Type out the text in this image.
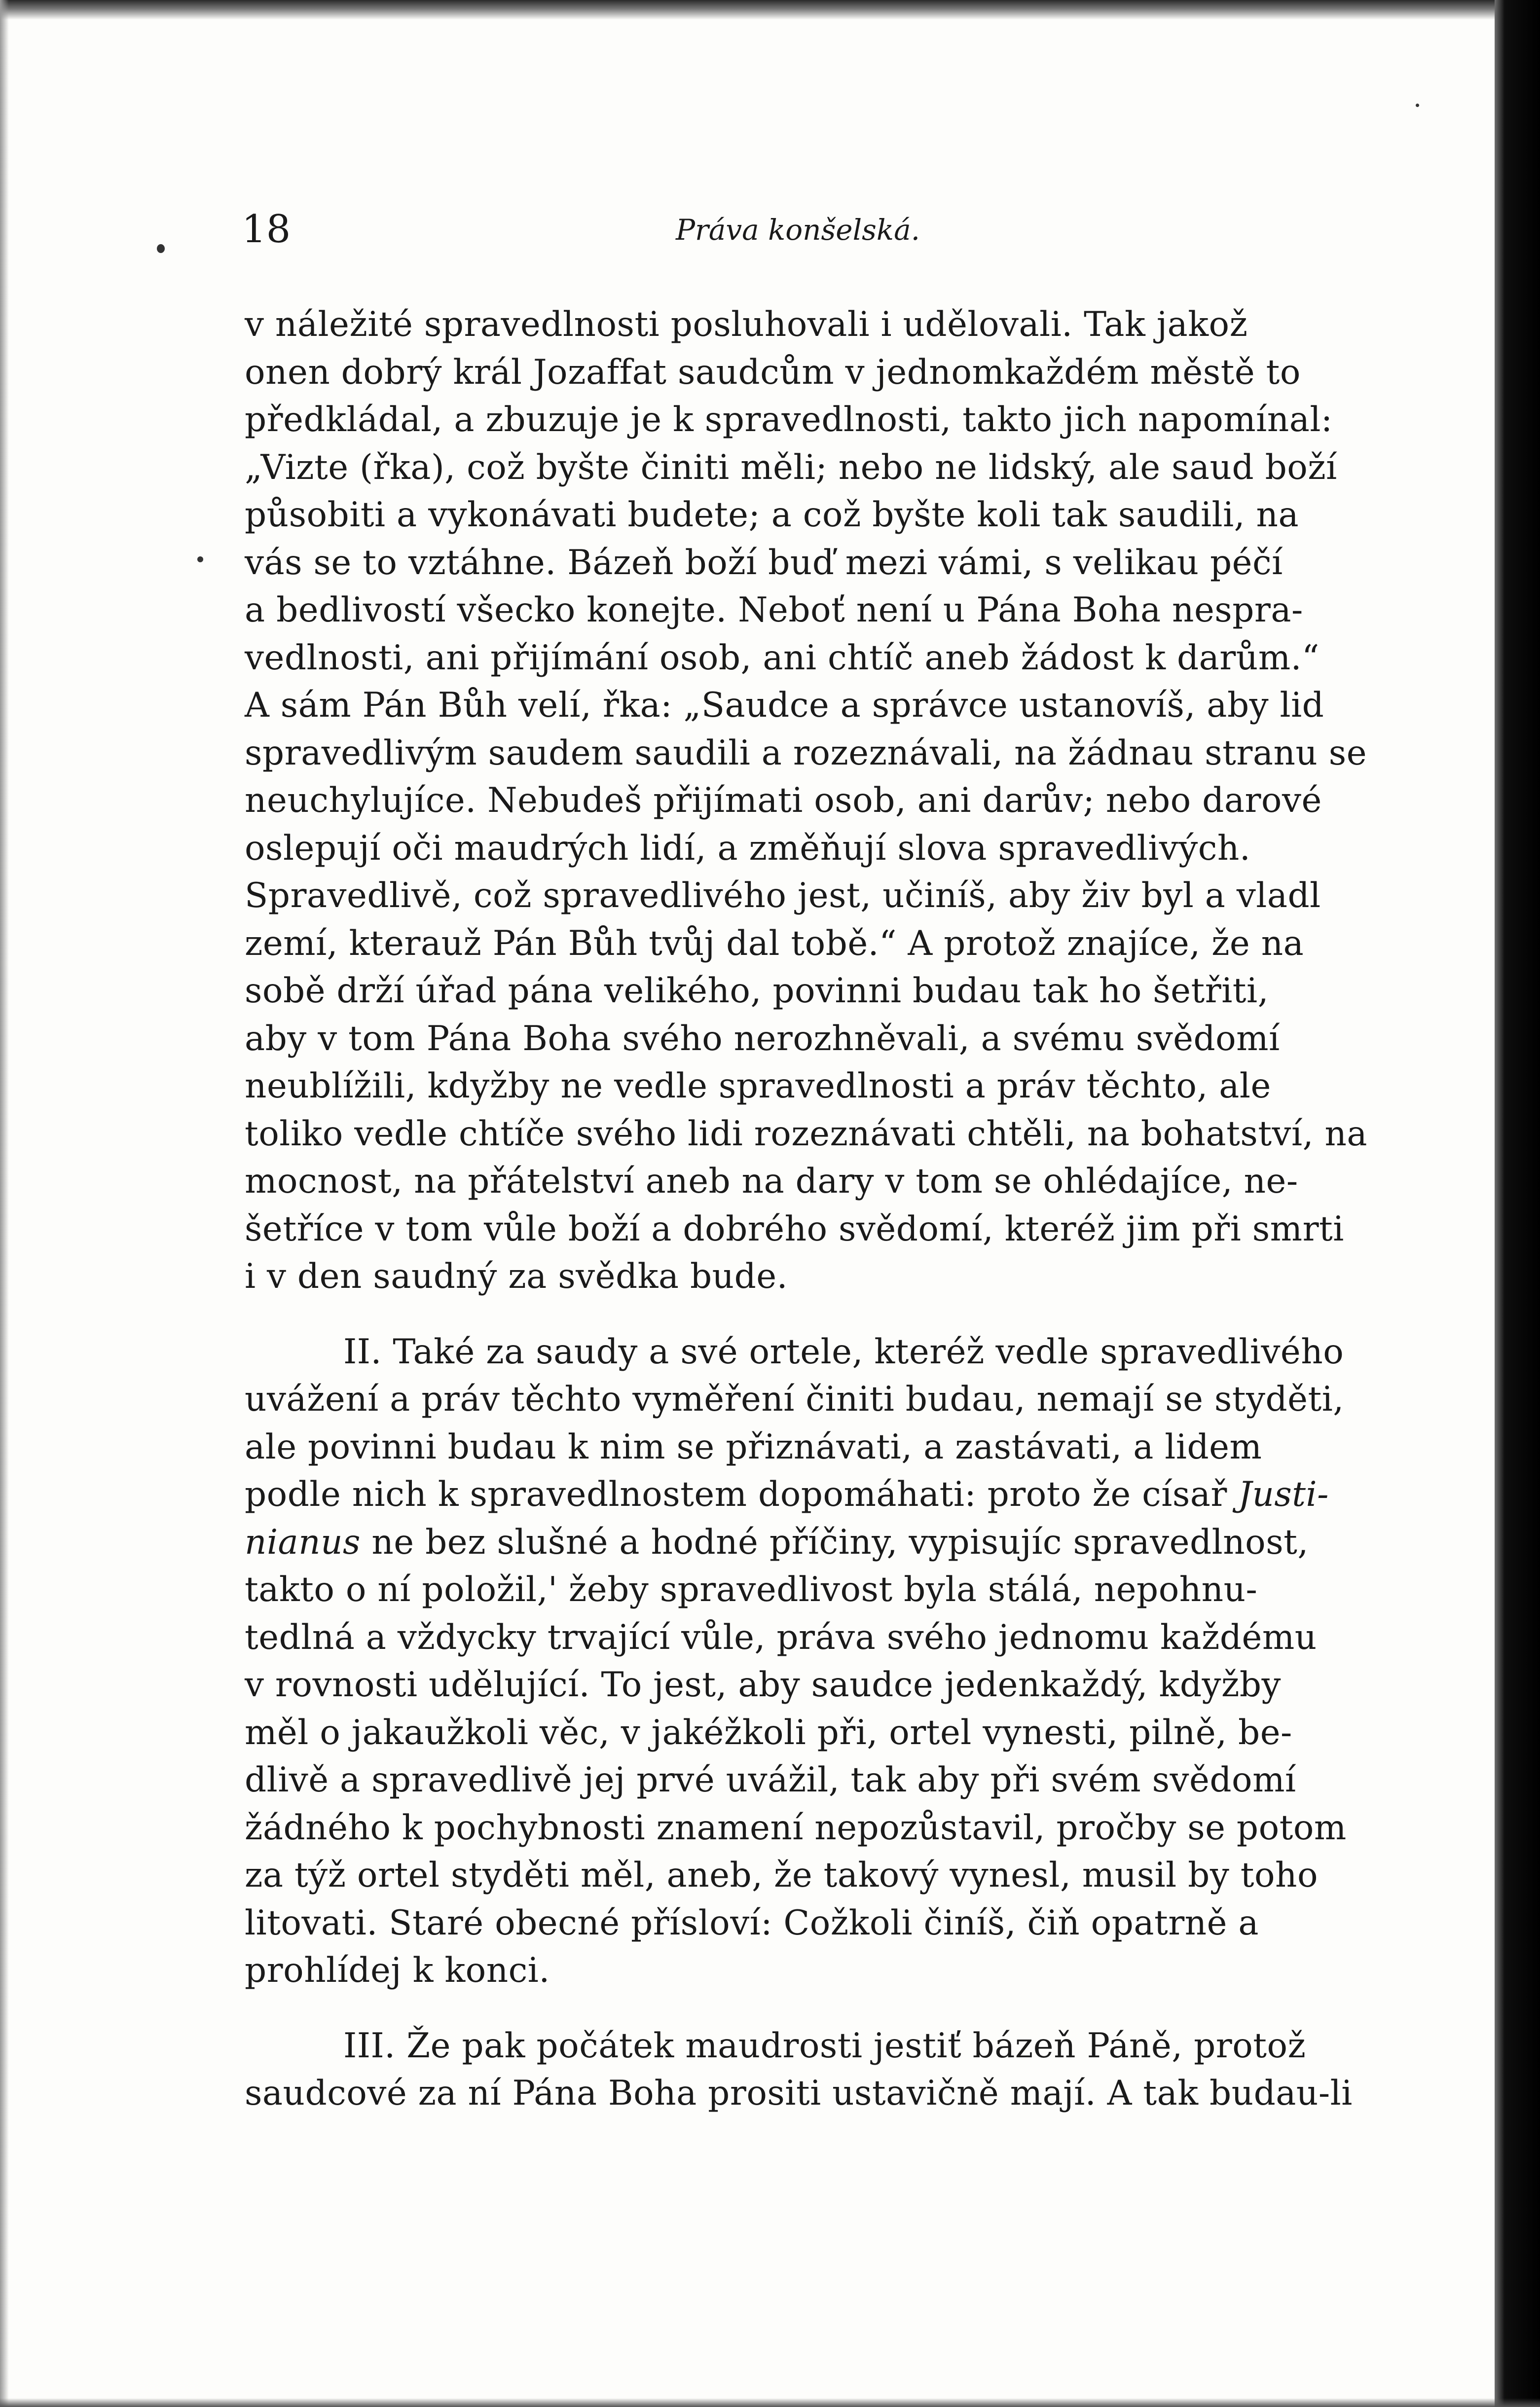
18	Práva konšelská.
v náležité spravedlnosti posluhovali i udělovali. Tak jakož
onen dobrý král Jozaffat saudcům v jednomkaždém městě to
předkládal, a zbuzuje je k spravedlnosti, takto jich napomínal:
„Vizte (řka), což byšte činiti měli; nebo ne lidský, ale saud boží
působiti a vykonávati budete; a což byšte koli tak saudili, na
vás se to vztáhne. Bázeň boží buď mezi vámi, s velikau péčí
a bedlivostí všecko konejte. Neboť není u Pána Boha nespra-
vedlnosti, ani přijímání osob, ani chtíč aneb žádost k darům.“
A sám Pán Bůh velí, řka: „Saudce a správce ustanovíš, aby lid
spravedlivým saudem saudili a rozeznávali, na žádnau stranu se
neuchylujíce. Nebudeš přijímati osob, ani darův; nebo darové
oslepují oči maudrých lidí, a změňují slova spravedlivých.
Spravedlivě, což spravedlivého jest, učiníš, aby živ byl a vladl
zemí, kterauž Pán Bůh tvůj dal tobě.“ A protož znajíce, že na
sobě drží úřad pána velikého, povinni budau tak ho šetřiti,
aby v tom Pána Boha svého nerozhněvali, a svému svědomí
neublížili, kdyžby ne vedle spravedlnosti a práv těchto, ale
toliko vedle chtíče svého lidi rozeznávati chtěli, na bohatství, na
mocnost, na přátelství aneb na dary v tom se ohlédajíce, ne-
šetříce v tom vůle boží a dobrého svědomí, kteréž jim při smrti
i v den saudný za svědka bude.
II. Také za saudy a své ortele, kteréž vedle spravedlivého
uvážení a práv těchto vyměření činiti budau, nemají se styděti,
ale povinni budau k nim se přiznávati, a zastávati, a lidem
podle nich k spravedlnostem dopomáhati: proto že císař Justi-
nianus ne bez slušné a hodné příčiny, vypisujíc spravedlnost,
takto o ní položil,' žeby spravedlivost byla stálá, nepohnu-
tedlná a vždycky trvající vůle, práva svého jednomu každému
v rovnosti udělující. To jest, aby saudce jedenkaždý, kdyžby
měl o jakaužkoli věc, v jakéžkoli při, ortel vynesti, pilně, be-
dlivě a spravedlivě jej prvé uvážil, tak aby při svém svědomí
žádného k pochybnosti znamení nepozůstavil, pročby se potom
za týž ortel styděti měl, aneb, že takový vynesl, musil by toho
litovati. Staré obecné přísloví: Cožkoli činíš, čiň opatrně a
prohlídej k konci.
III. Že pak počátek maudrosti jestiť bázeň Páně, protož
saudcové za ní Pána Boha prositi ustavičně mají. A tak budau-li
